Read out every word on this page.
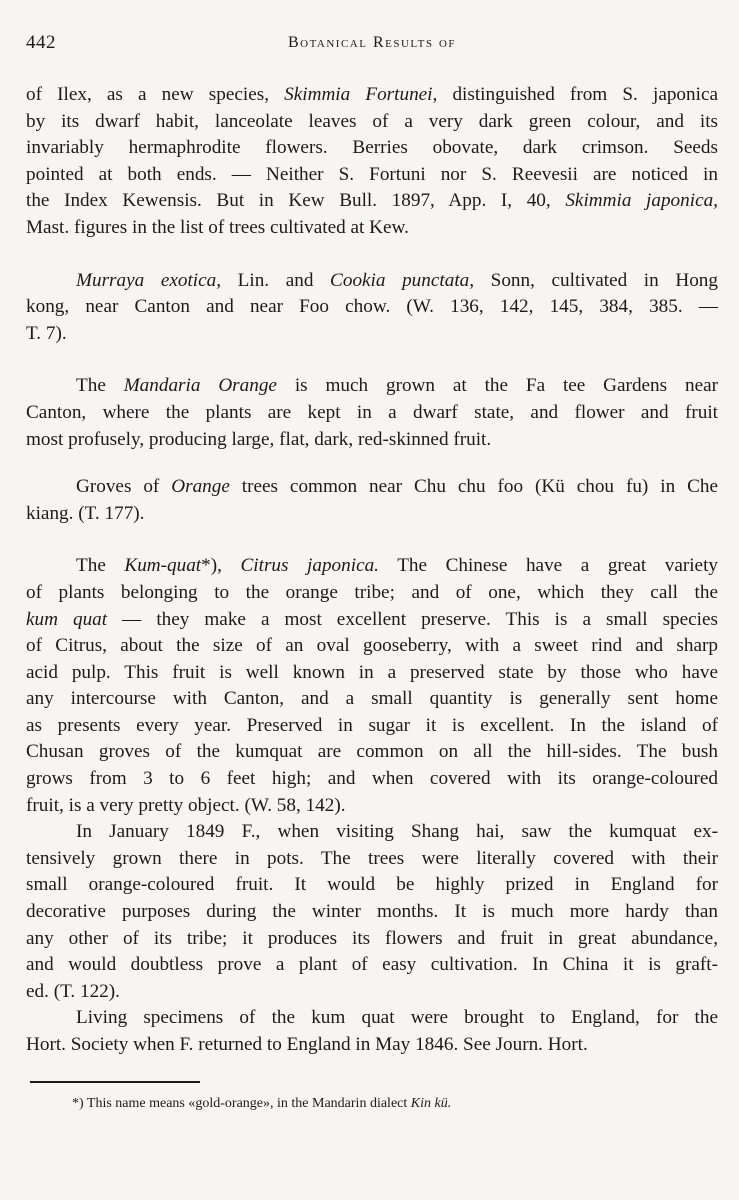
442	Botanical Results of

of Ilex, as a new species, Skimmia Fortunei, distinguished from S. japonica
by its dwarf habit, lanceolate leaves of a very dark green colour, and its
invariably hermaphrodite flowers. Berries obovate, dark crimson. Seeds
pointed at both ends. — Neither S. Fortuni nor S. Reevesii are noticed in
the Index Kewensis. But in Kew Bull. 1897, App. I, 40, Skimmia japonica,
Mast. figures in the list of trees cultivated at Kew.

Murraya exotica, Lin. and Cookia punctata, Sonn, cultivated in Hong
kong, near Canton and near Foo chow. (W. 136, 142, 145, 384, 385. —
T. 7).

The Mandaria Orange is much grown at the Fa tee Gardens near
Canton, where the plants are kept in a dwarf state, and flower and fruit
most profusely, producing large, flat, dark, red-skinned fruit.

Groves of Orange trees common near Chu chu foo (Kü chou fu) in Che
kiang. (T. 177).

The Kum-quat*), Citrus japonica. The Chinese have a great variety
of plants belonging to the orange tribe; and of one, which they call the
kum quat — they make a most excellent preserve. This is a small species
of Citrus, about the size of an oval gooseberry, with a sweet rind and sharp
acid pulp. This fruit is well known in a preserved state by those who have
any intercourse with Canton, and a small quantity is generally sent home
as presents every year. Preserved in sugar it is excellent. In the island of
Chusan groves of the kumquat are common on all the hill-sides. The bush
grows from 3 to 6 feet high; and when covered with its orange-coloured
fruit, is a very pretty object. (W. 58, 142).

In January 1849 F., when visiting Shang hai, saw the kumquat ex-
tensively grown there in pots. The trees were literally covered with their
small orange-coloured fruit. It would be highly prized in England for
decorative purposes during the winter months. It is much more hardy than
any other of its tribe; it produces its flowers and fruit in great abundance,
and would doubtless prove a plant of easy cultivation. In China it is graft-
ed. (T. 122).

Living specimens of the kum quat were brought to England, for the
Hort. Society when F. returned to England in May 1846. See Journ. Hort.

*) This name means «gold-orange», in the Mandarin dialect Kin kü.
